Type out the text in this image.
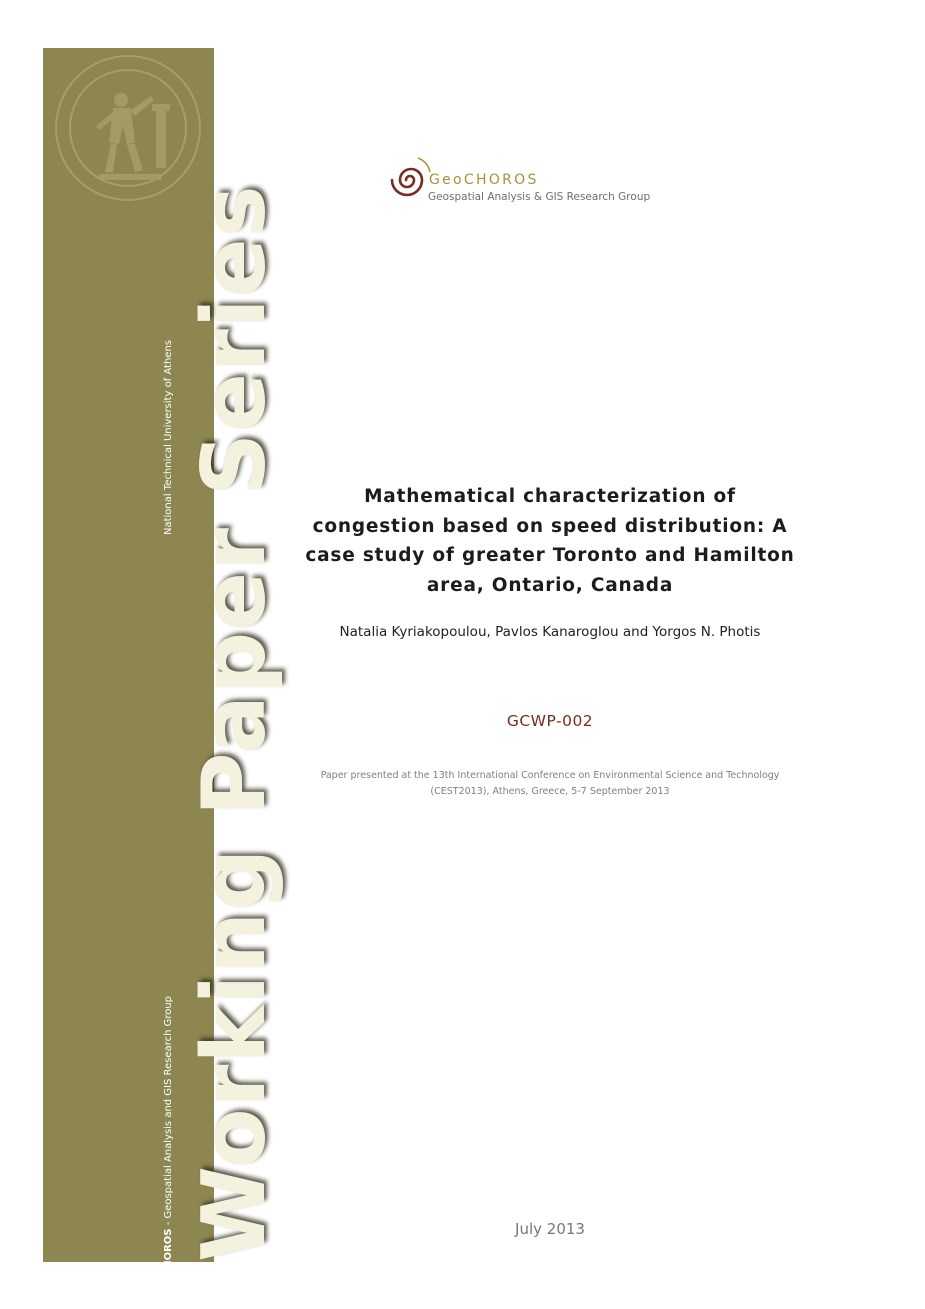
National Technical University of Athens
GeoCHOROS - Geospatial Analysis and GIS Research Group Working Paper Series
GeoCHOROS
Geospatial Analysis & GIS Research Group
Mathematical characterization of
congestion based on speed distribution: A
case study of greater Toronto and Hamilton
area, Ontario, Canada
Natalia Kyriakopoulou, Pavlos Kanaroglou and Yorgos N. Photis
GCWP-002
Paper presented at the 13th International Conference on Environmental Science and Technology
(CEST2013), Athens, Greece, 5-7 September 2013
July 2013
